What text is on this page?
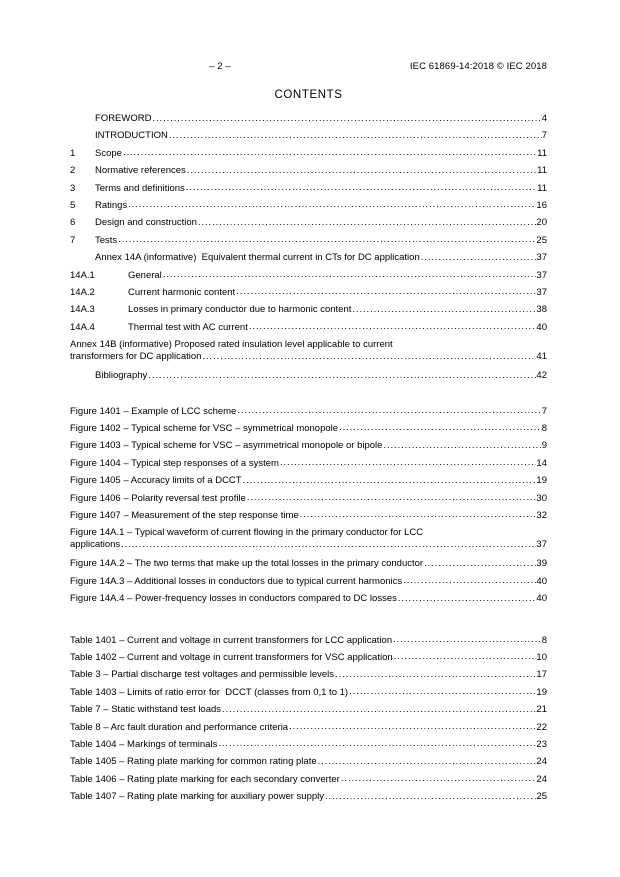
– 2 –	IEC 61869-14:2018 © IEC 2018
CONTENTS
FOREWORD .....	4
INTRODUCTION .....	7
1	Scope .....	11
2	Normative references .....	11
3	Terms and definitions .....	11
5	Ratings .....	16
6	Design and construction .....	20
7	Tests .....	25
Annex 14A (informative)  Equivalent thermal current in CTs for DC application .....	37
14A.1	General .....	37
14A.2	Current harmonic content .....	37
14A.3	Losses in primary conductor due to harmonic content .....	38
14A.4	Thermal test with AC current .....	40
Annex 14B (informative) Proposed rated insulation level applicable to current
transformers for DC application .....	41
Bibliography .....	42
Figure 1401 – Example of LCC scheme .....	7
Figure 1402 – Typical scheme for VSC – symmetrical monopole .....	8
Figure 1403 – Typical scheme for VSC – asymmetrical monopole or bipole .....	9
Figure 1404 – Typical step responses of a system .....	14
Figure 1405 – Accuracy limits of a DCCT .....	19
Figure 1406 – Polarity reversal test profile .....	30
Figure 1407 – Measurement of the step response time .....	32
Figure 14A.1 – Typical waveform of current flowing in the primary conductor for LCC
applications .....	37
Figure 14A.2 – The two terms that make up the total losses in the primary conductor .....	39
Figure 14A.3 – Additional losses in conductors due to typical current harmonics .....	40
Figure 14A.4 – Power-frequency losses in conductors compared to DC losses .....	40
Table 1401 – Current and voltage in current transformers for LCC application .....	8
Table 1402 – Current and voltage in current transformers for VSC application .....	10
Table 3 – Partial discharge test voltages and permissible levels .....	17
Table 1403 – Limits of ratio error for  DCCT (classes from 0,1 to 1) .....	19
Table 7 – Static withstand test loads .....	21
Table 8 – Arc fault duration and performance criteria .....	22
Table 1404 – Markings of terminals .....	23
Table 1405 – Rating plate marking for common rating plate .....	24
Table 1406 – Rating plate marking for each secondary converter .....	24
Table 1407 – Rating plate marking for auxiliary power supply .....	25
